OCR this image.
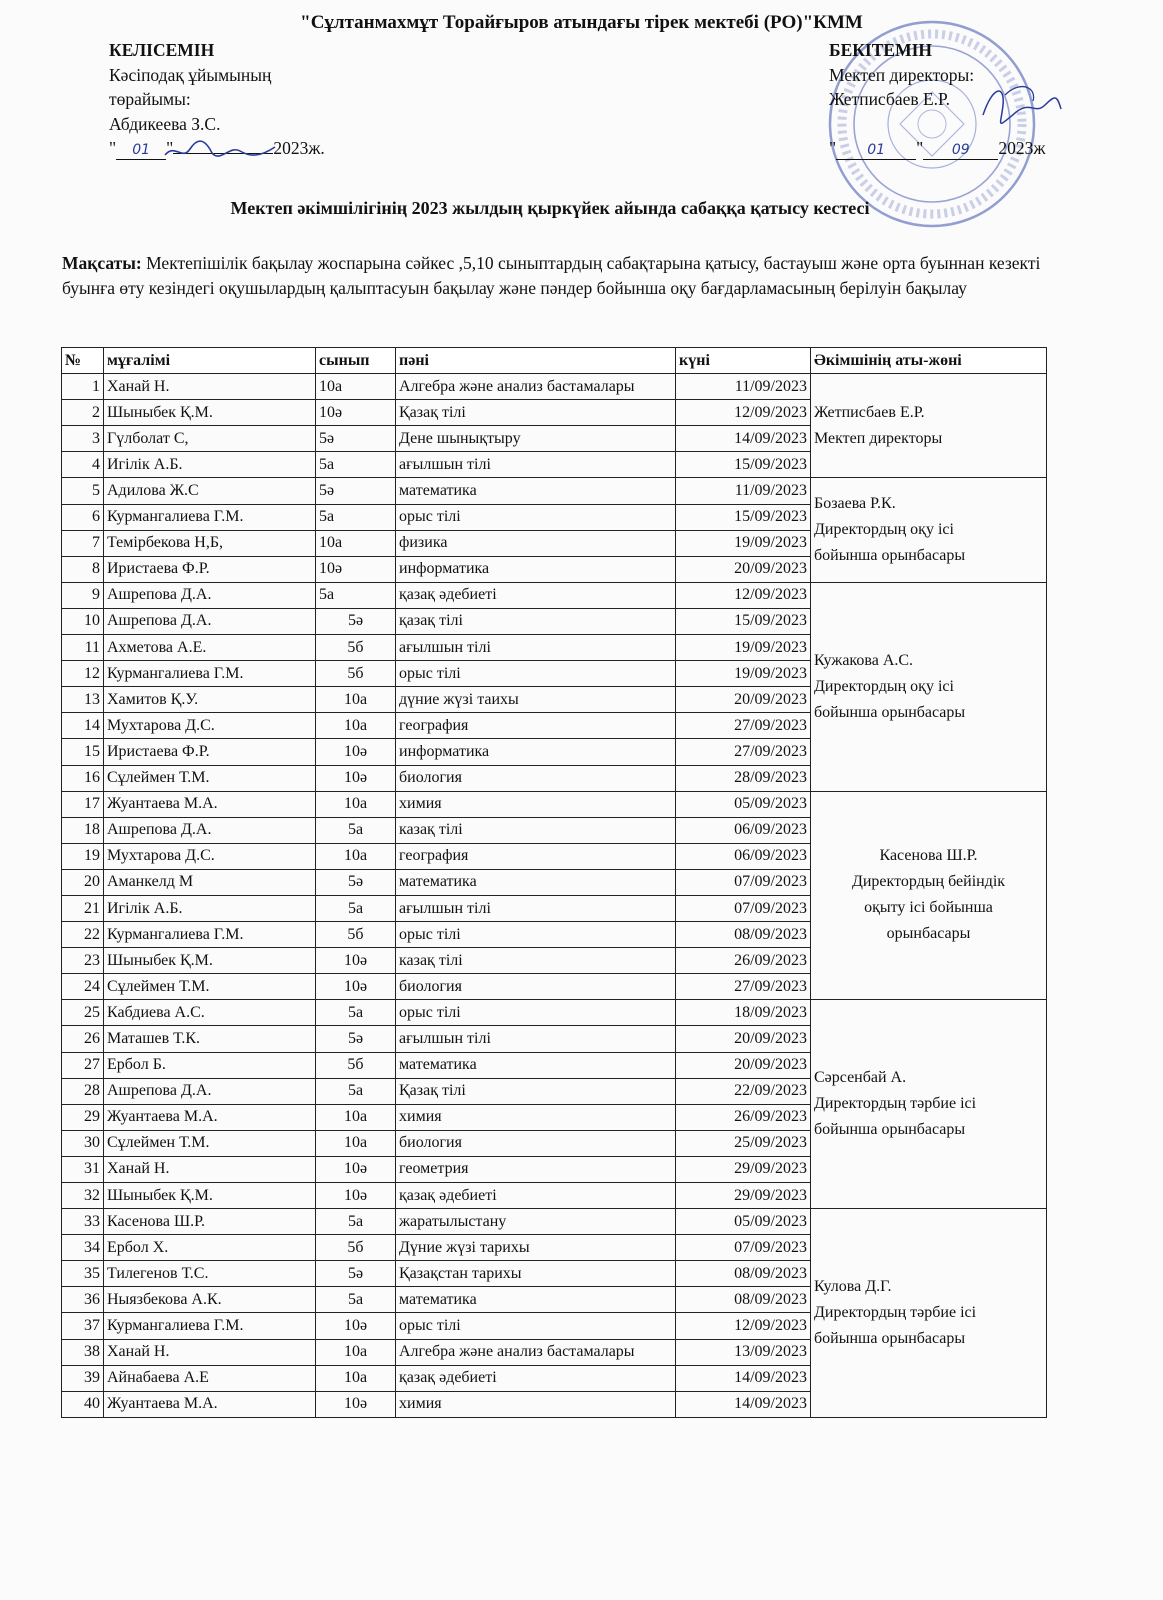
"Сұлтанмахмұт Торайғыров атындағы тірек мектебі (РО)"КММ
КЕЛІСЕМІН
Кәсіподақ ұйымының
төрайымы:
Абдикеева З.С.
" 01 "	2023ж.
БЕКІТЕМІН
Мектеп директоры:
Жетписбаев Е.Р.
" 01 " 09 2023ж
Мектеп әкімшілігінің 2023 жылдың қыркүйек айында сабаққа қатысу кестесі
Мақсаты: Мектепішілік бақылау жоспарына сәйкес ,5,10 сыныптардың сабақтарына қатысу, бастауыш және орта буыннан кезекті буынға өту кезіндегі оқушылардың қалыптасуын бақылау және пәндер бойынша оқу бағдарламасының берілуін бақылау
№	мұғалімі	сынып	пәні	күні	Әкімшінің аты-жөні
1	Ханай Н.	10а	Алгебра және анализ бастамалары	11/09/2023	Жетписбаев Е.Р.
Мектеп директоры

2	Шыныбек Қ.М.	10ә	Қазақ тілі	12/09/2023	
3	Гүлболат С,	5ә	Дене шынықтыру	14/09/2023	
4	Игілік А.Б.	5а	ағылшын тілі	15/09/2023	
5	Адилова Ж.С	5ә	математика	11/09/2023	Бозаева Р.К.
Директордың оқу ісі
бойынша орынбасары

6	Курмангалиева Г.М.	5а	орыс тілі	15/09/2023	
7	Темірбекова Н,Б,	10а	физика	19/09/2023	
8	Иристаева Ф.Р.	10ә	информатика	20/09/2023	
9	Ашрепова Д.А.	5а	қазақ әдебиеті	12/09/2023	Кужакова А.С.
Директордың оқу ісі
бойынша орынбасары

10	Ашрепова Д.А.	5ә	қазақ тілі	15/09/2023	
11	Ахметова А.Е.	5б	ағылшын тілі	19/09/2023	
12	Курмангалиева Г.М.	5б	орыс тілі	19/09/2023	
13	Хамитов Қ.У.	10а	дүние жүзі таихы	20/09/2023	
14	Мухтарова Д.С.	10а	география	27/09/2023	
15	Иристаева Ф.Р.	10ә	информатика	27/09/2023	
16	Сұлеймен Т.М.	10ә	биология	28/09/2023	
17	Жуантаева М.А.	10а	химия	05/09/2023	Касенова Ш.Р.
Директордың бейіндік
оқыту ісі бойынша
орынбасары

18	Ашрепова Д.А.	5а	казақ тілі	06/09/2023	
19	Мухтарова Д.С.	10а	география	06/09/2023	
20	Аманкелд М	5ә	математика	07/09/2023	
21	Игілік А.Б.	5а	ағылшын тілі	07/09/2023	
22	Курмангалиева Г.М.	5б	орыс тілі	08/09/2023	
23	Шыныбек Қ.М.	10ә	казақ тілі	26/09/2023	
24	Сұлеймен Т.М.	10ә	биология	27/09/2023	
25	Кабдиева А.С.	5а	орыс тілі	18/09/2023	Сәрсенбай А.
Директордың тәрбие ісі
бойынша орынбасары

26	Маташев Т.К.	5ә	ағылшын тілі	20/09/2023	
27	Ербол Б.	5б	математика	20/09/2023	
28	Ашрепова Д.А.	5а	Қазақ тілі	22/09/2023	
29	Жуантаева М.А.	10а	химия	26/09/2023	
30	Сұлеймен Т.М.	10а	биология	25/09/2023	
31	Ханай Н.	10ә	геометрия	29/09/2023	
32	Шыныбек Қ.М.	10ә	қазақ әдебиеті	29/09/2023	
33	Касенова Ш.Р.	5а	жаратылыстану	05/09/2023	Кулова Д.Г.
Директордың тәрбие ісі
бойынша орынбасары

34	Ербол Х.	5б	Дүние жүзі тарихы	07/09/2023	
35	Тилегенов Т.С.	5ә	Қазақстан тарихы	08/09/2023	
36	Ныязбекова А.К.	5а	математика	08/09/2023	
37	Курмангалиева Г.М.	10ә	орыс тілі	12/09/2023	
38	Ханай Н.	10а	Алгебра және анализ бастамалары	13/09/2023	
39	Айнабаева А.Е	10а	қазақ әдебиеті	14/09/2023	
40	Жуантаева М.А.	10ә	химия	14/09/2023	
